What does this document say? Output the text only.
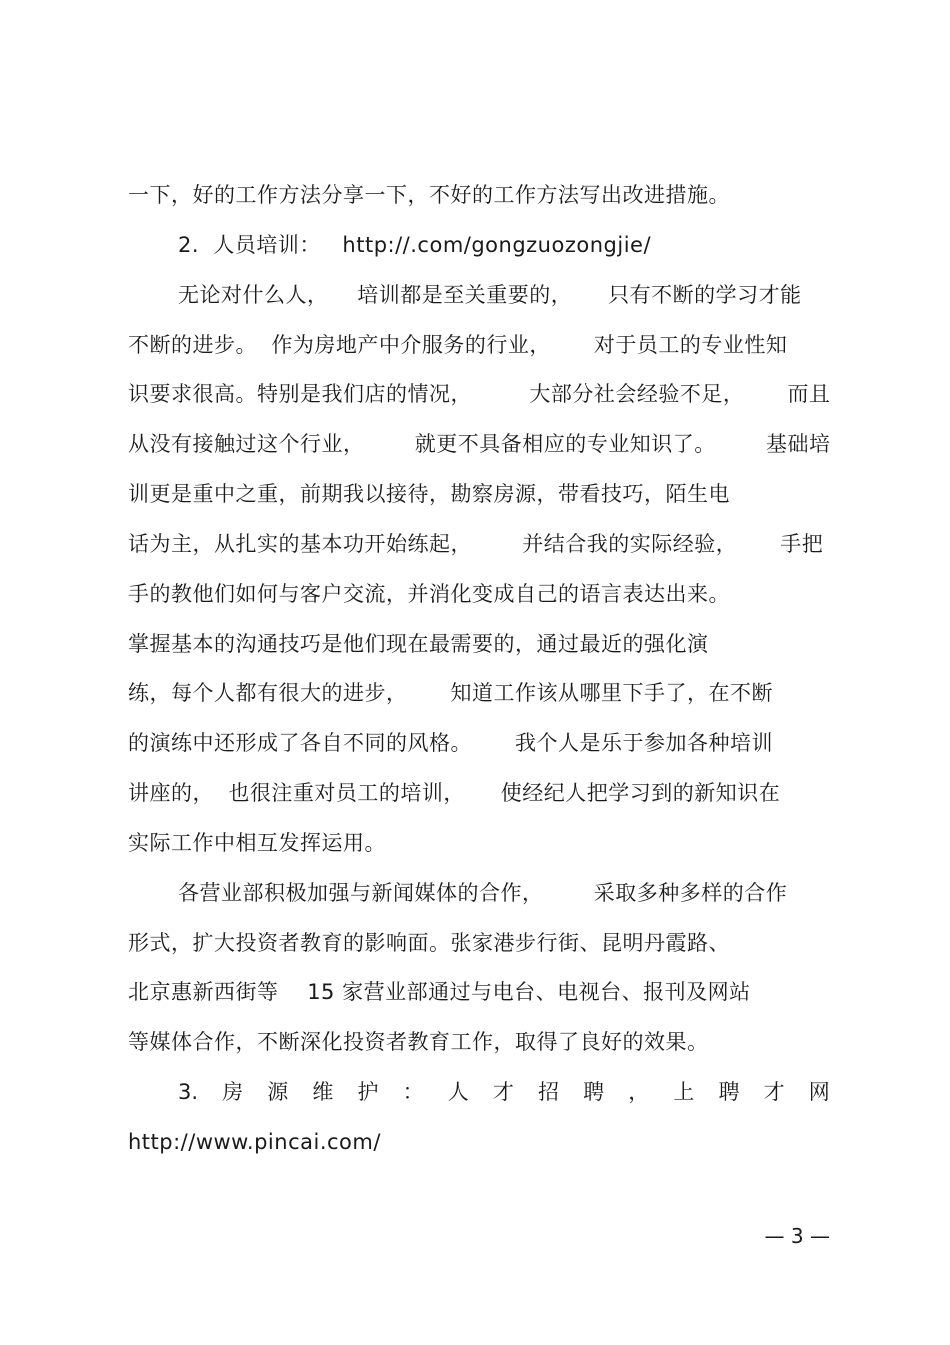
一下，好的工作方法分享一下，不好的工作方法写出改进措施。
2.  人员培训：   http://.com/gongzuozongjie/
无论对什么人，    培训都是至关重要的，     只有不断的学习才能
不断的进步。  作为房地产中介服务的行业，      对于员工的专业性知
识要求很高。特别是我们店的情况，        大部分社会经验不足，      而且
从没有接触过这个行业，       就更不具备相应的专业知识了。       基础培
训更是重中之重，前期我以接待，勘察房源，带看技巧，陌生电
话为主，从扎实的基本功开始练起，       并结合我的实际经验，      手把
手的教他们如何与客户交流，并消化变成自己的语言表达出来。
掌握基本的沟通技巧是他们现在最需要的，通过最近的强化演
练，每个人都有很大的进步，      知道工作该从哪里下手了，在不断
的演练中还形成了各自不同的风格。      我个人是乐于参加各种培训
讲座的，  也很注重对员工的培训，     使经纪人把学习到的新知识在
实际工作中相互发挥运用。
各营业部积极加强与新闻媒体的合作，       采取多种多样的合作
形式，扩大投资者教育的影响面。张家港步行街、昆明丹霞路、
北京惠新西街等    15 家营业部通过与电台、电视台、报刊及网站
等媒体合作，不断深化投资者教育工作，取得了良好的效果。
3. 房 源 维 护 ： 人 才 招 聘 ， 上 聘 才 网
http://www.pincai.com/
— 3 —
